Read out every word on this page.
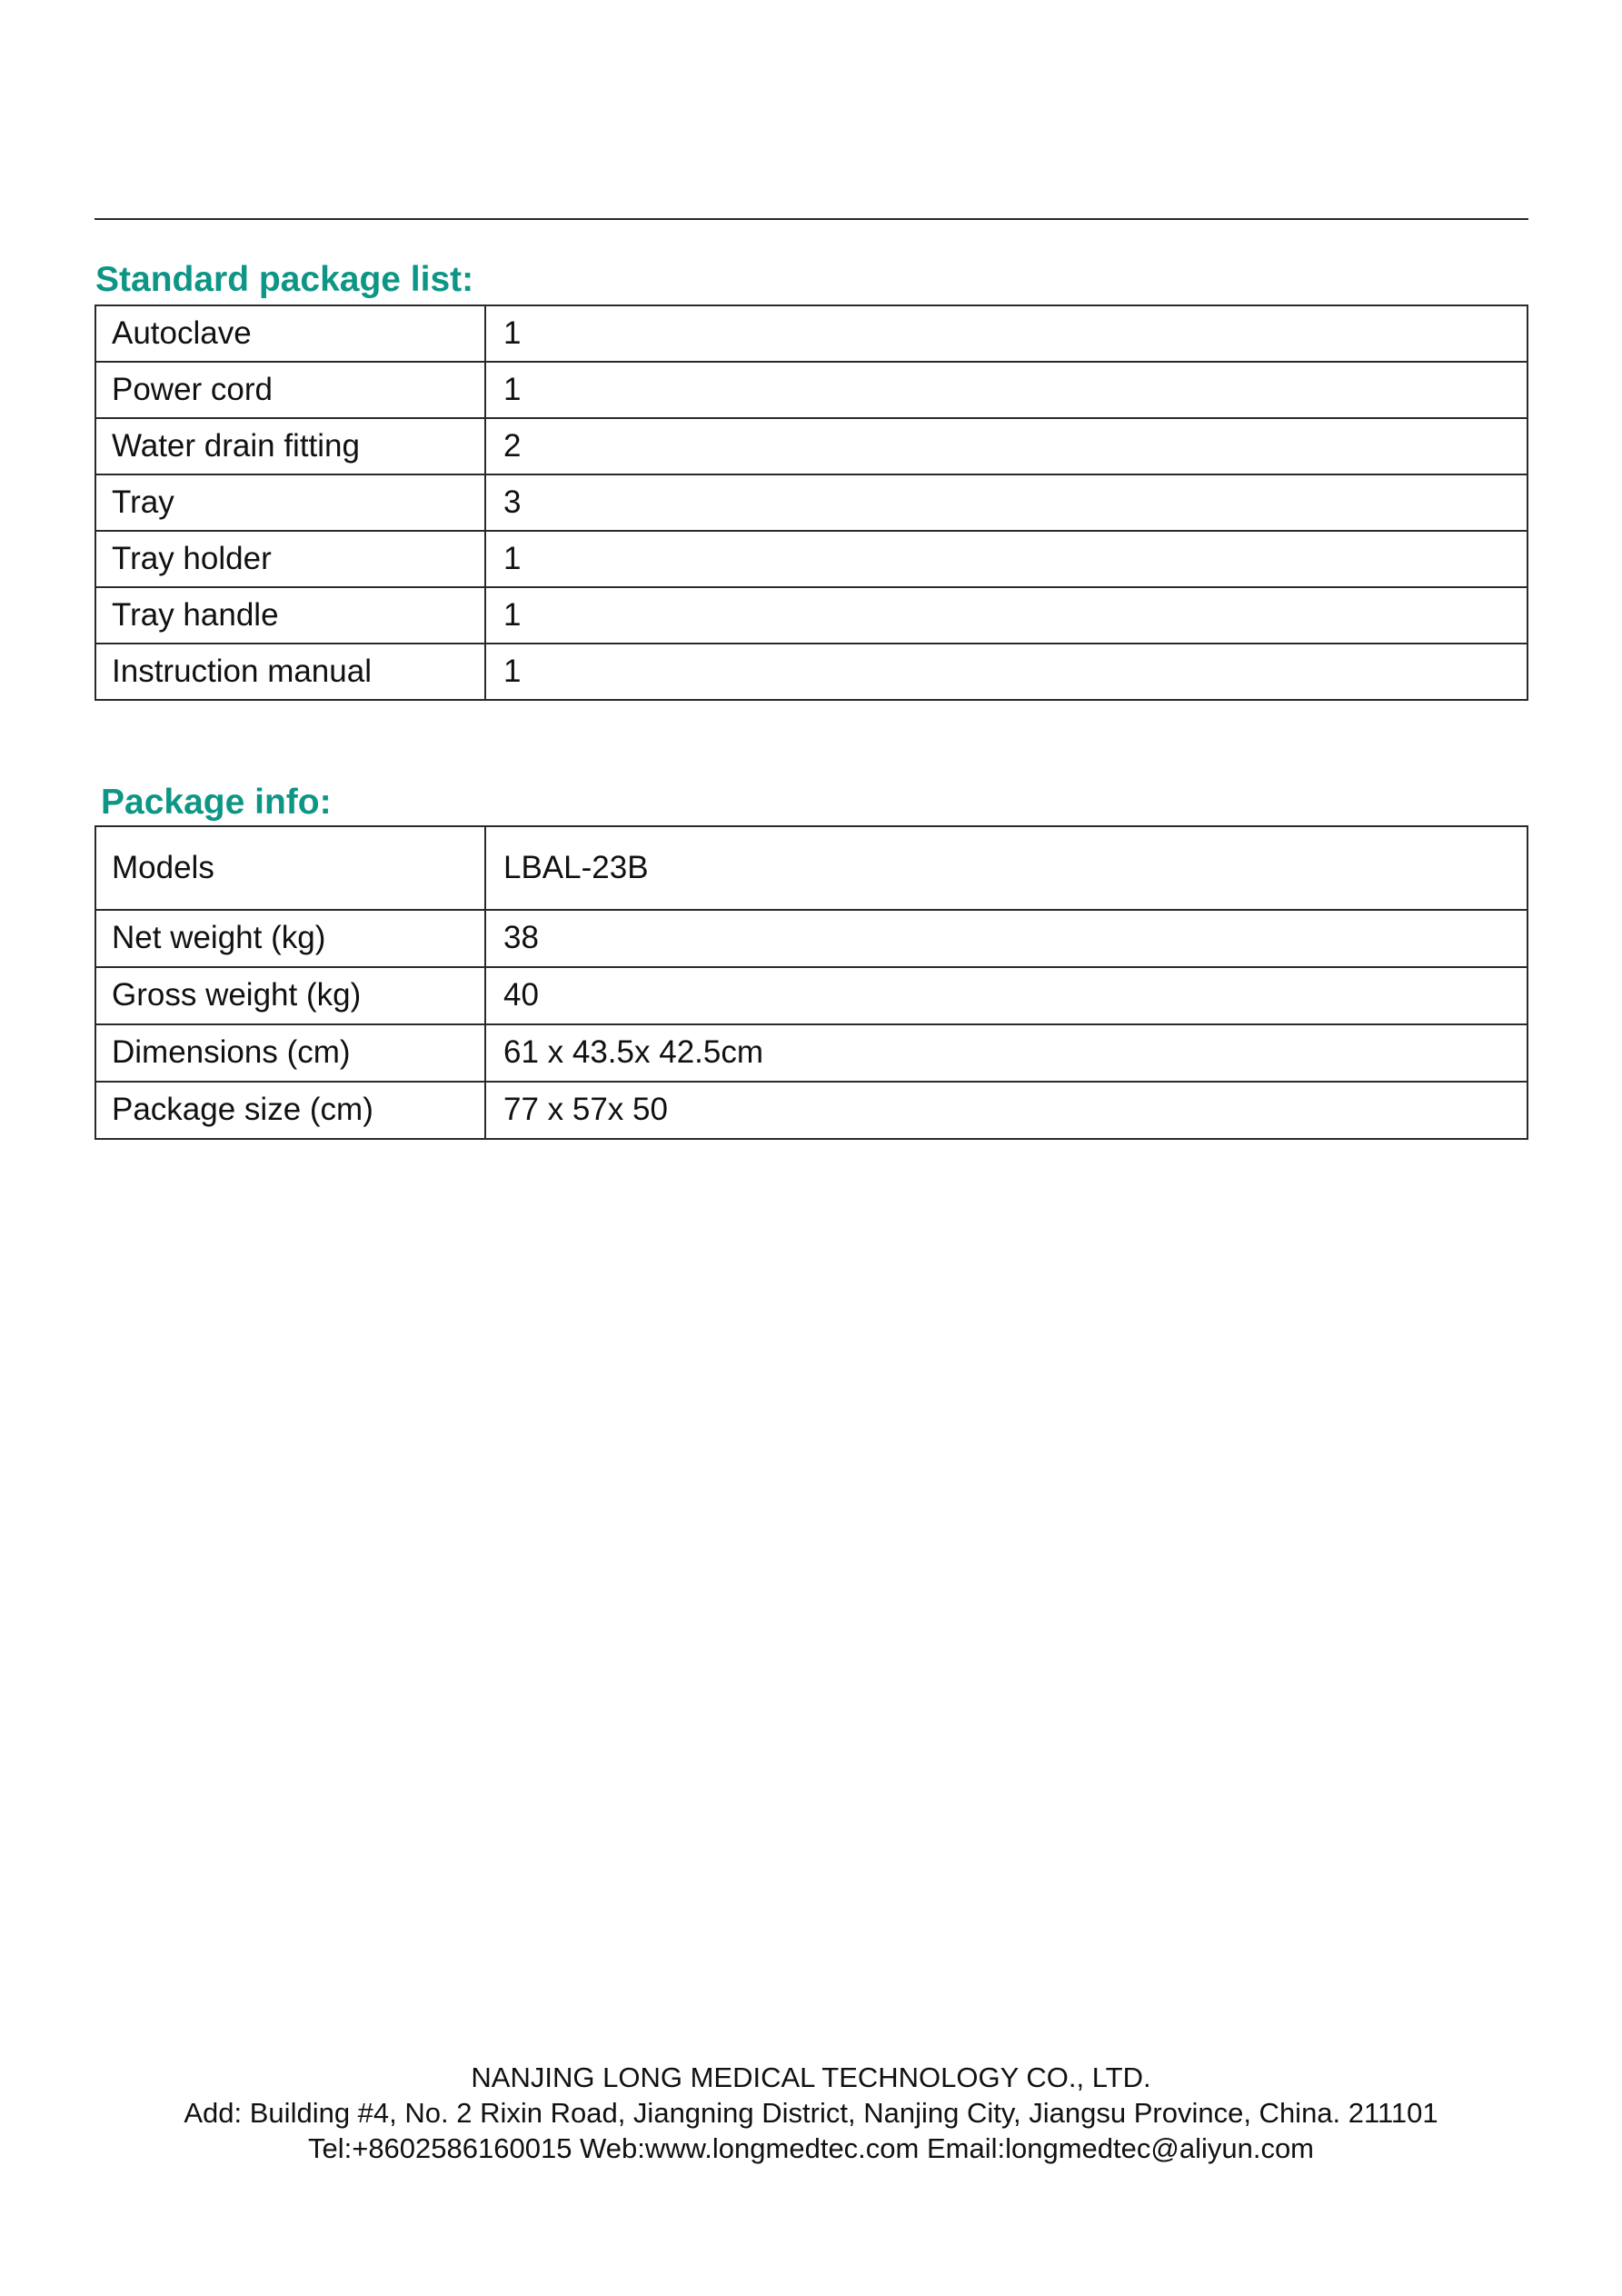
Standard package list:
Autoclave	1
Power cord	1
Water drain fitting	2
Tray	3
Tray holder	1
Tray handle	1
Instruction manual	1
Package info:
Models	LBAL-23B
Net weight (kg)	38
Gross weight (kg)	40
Dimensions (cm)	61 x 43.5x 42.5cm
Package size (cm)	77 x 57x 50
NANJING LONG MEDICAL TECHNOLOGY CO., LTD.
Add: Building #4, No. 2 Rixin Road, Jiangning District, Nanjing City, Jiangsu Province, China. 211101
Tel:+8602586160015 Web:www.longmedtec.com Email:longmedtec@aliyun.com
